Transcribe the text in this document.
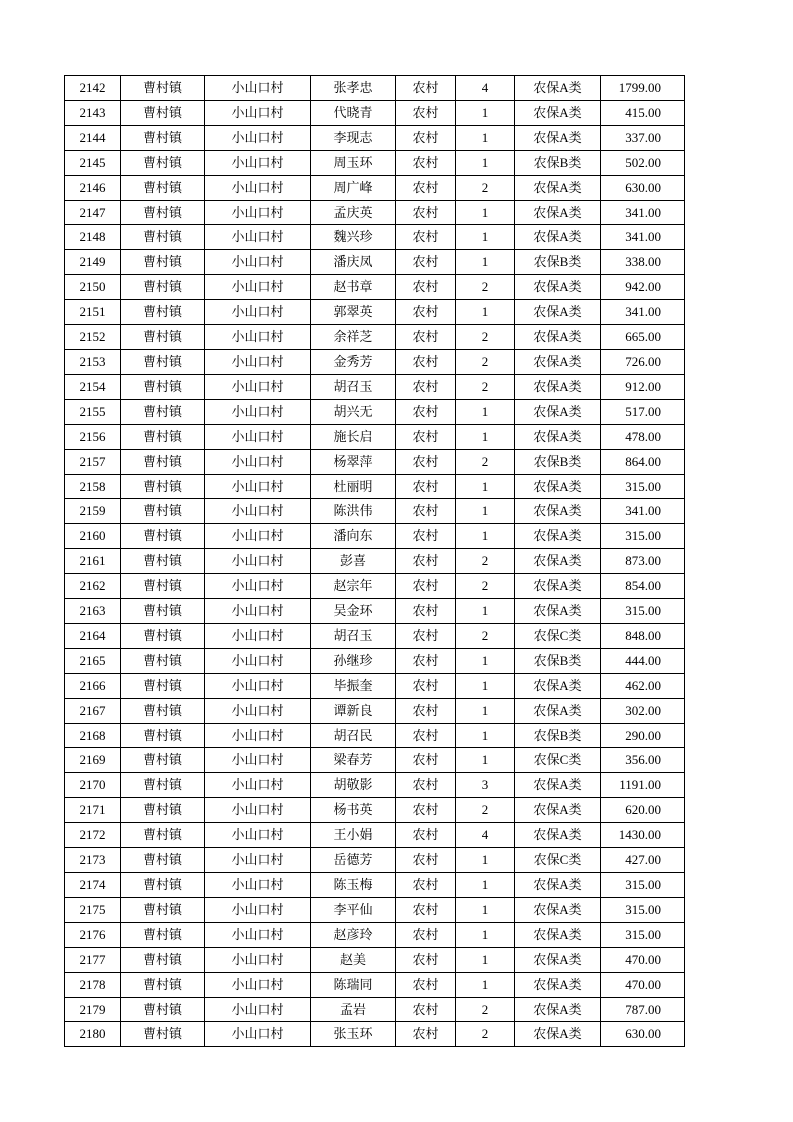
2142	曹村镇	小山口村	张孝忠	农村	4	农保A类	1799.00
2143	曹村镇	小山口村	代晓青	农村	1	农保A类	415.00
2144	曹村镇	小山口村	李现志	农村	1	农保A类	337.00
2145	曹村镇	小山口村	周玉环	农村	1	农保B类	502.00
2146	曹村镇	小山口村	周广峰	农村	2	农保A类	630.00
2147	曹村镇	小山口村	孟庆英	农村	1	农保A类	341.00
2148	曹村镇	小山口村	魏兴珍	农村	1	农保A类	341.00
2149	曹村镇	小山口村	潘庆凤	农村	1	农保B类	338.00
2150	曹村镇	小山口村	赵书章	农村	2	农保A类	942.00
2151	曹村镇	小山口村	郭翠英	农村	1	农保A类	341.00
2152	曹村镇	小山口村	余祥芝	农村	2	农保A类	665.00
2153	曹村镇	小山口村	金秀芳	农村	2	农保A类	726.00
2154	曹村镇	小山口村	胡召玉	农村	2	农保A类	912.00
2155	曹村镇	小山口村	胡兴无	农村	1	农保A类	517.00
2156	曹村镇	小山口村	施长启	农村	1	农保A类	478.00
2157	曹村镇	小山口村	杨翠萍	农村	2	农保B类	864.00
2158	曹村镇	小山口村	杜丽明	农村	1	农保A类	315.00
2159	曹村镇	小山口村	陈洪伟	农村	1	农保A类	341.00
2160	曹村镇	小山口村	潘向东	农村	1	农保A类	315.00
2161	曹村镇	小山口村	彭喜	农村	2	农保A类	873.00
2162	曹村镇	小山口村	赵宗年	农村	2	农保A类	854.00
2163	曹村镇	小山口村	吴金环	农村	1	农保A类	315.00
2164	曹村镇	小山口村	胡召玉	农村	2	农保C类	848.00
2165	曹村镇	小山口村	孙继珍	农村	1	农保B类	444.00
2166	曹村镇	小山口村	毕振奎	农村	1	农保A类	462.00
2167	曹村镇	小山口村	谭新良	农村	1	农保A类	302.00
2168	曹村镇	小山口村	胡召民	农村	1	农保B类	290.00
2169	曹村镇	小山口村	梁春芳	农村	1	农保C类	356.00
2170	曹村镇	小山口村	胡敬影	农村	3	农保A类	1191.00
2171	曹村镇	小山口村	杨书英	农村	2	农保A类	620.00
2172	曹村镇	小山口村	王小娟	农村	4	农保A类	1430.00
2173	曹村镇	小山口村	岳德芳	农村	1	农保C类	427.00
2174	曹村镇	小山口村	陈玉梅	农村	1	农保A类	315.00
2175	曹村镇	小山口村	李平仙	农村	1	农保A类	315.00
2176	曹村镇	小山口村	赵彦玲	农村	1	农保A类	315.00
2177	曹村镇	小山口村	赵美	农村	1	农保A类	470.00
2178	曹村镇	小山口村	陈瑞同	农村	1	农保A类	470.00
2179	曹村镇	小山口村	孟岩	农村	2	农保A类	787.00
2180	曹村镇	小山口村	张玉环	农村	2	农保A类	630.00
